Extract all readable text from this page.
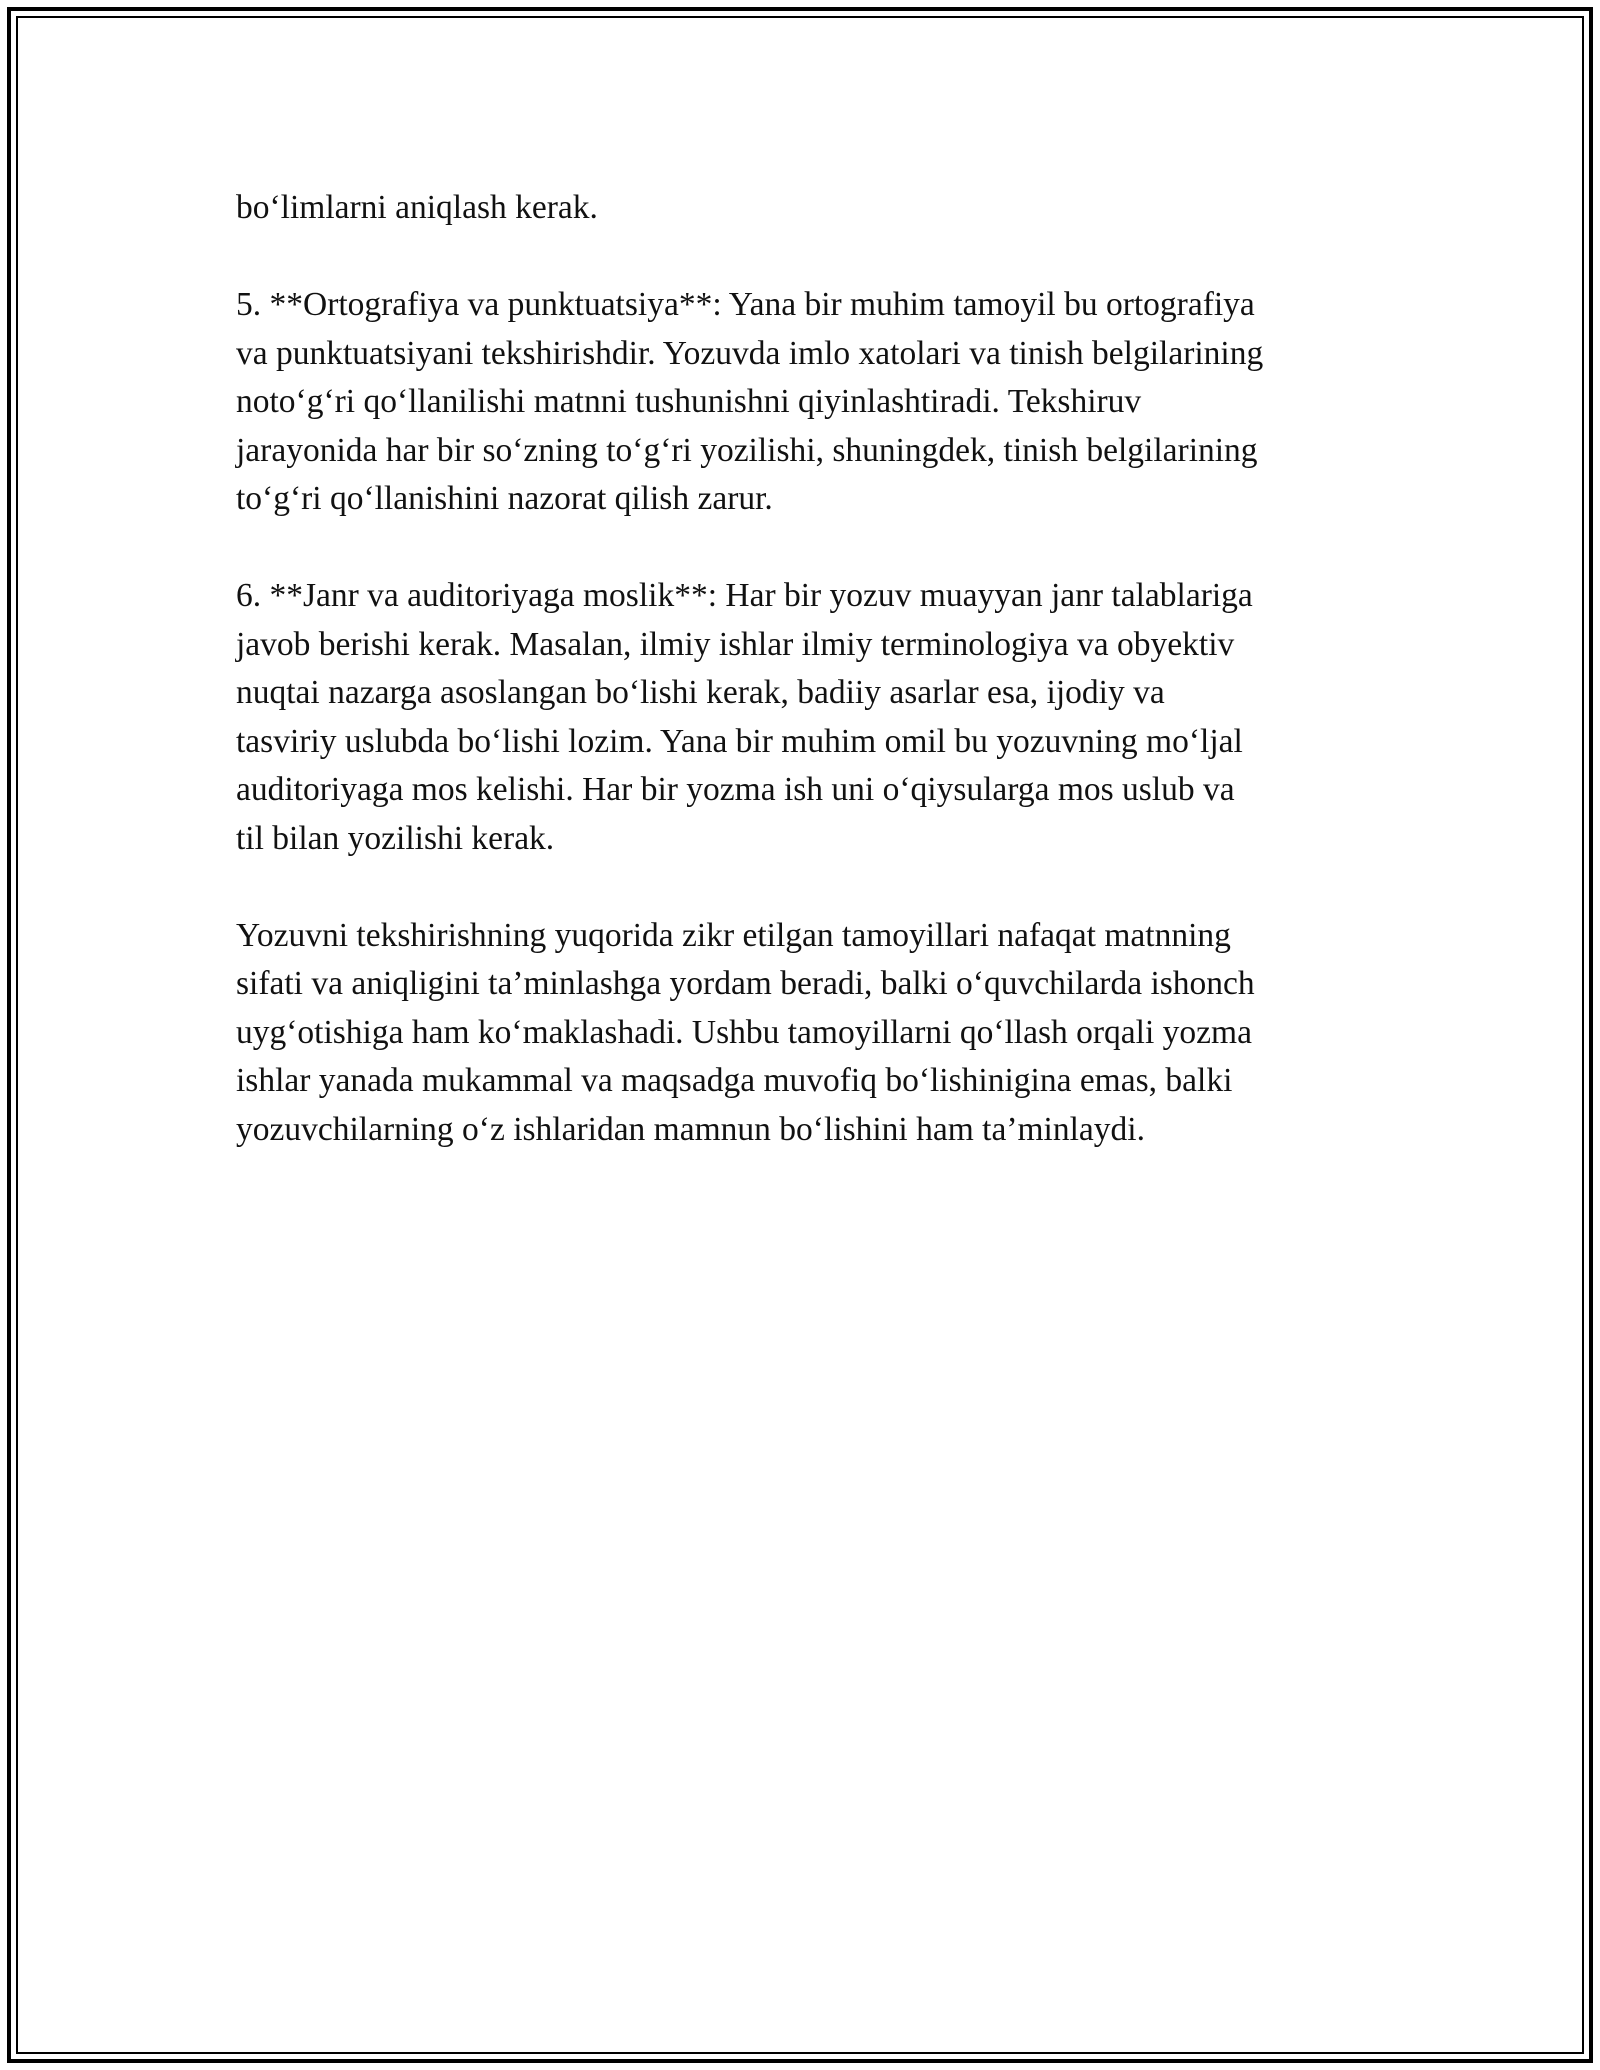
bo‘limlarni aniqlash kerak.

5. **Ortografiya va punktuatsiya**: Yana bir muhim tamoyil bu ortografiya
va punktuatsiyani tekshirishdir. Yozuvda imlo xatolari va tinish belgilarining
noto‘g‘ri qo‘llanilishi matnni tushunishni qiyinlashtiradi. Tekshiruv
jarayonida har bir so‘zning to‘g‘ri yozilishi, shuningdek, tinish belgilarining
to‘g‘ri qo‘llanishini nazorat qilish zarur.

6. **Janr va auditoriyaga moslik**: Har bir yozuv muayyan janr talablariga
javob berishi kerak. Masalan, ilmiy ishlar ilmiy terminologiya va obyektiv
nuqtai nazarga asoslangan bo‘lishi kerak, badiiy asarlar esa, ijodiy va
tasviriy uslubda bo‘lishi lozim. Yana bir muhim omil bu yozuvning mo‘ljal
auditoriyaga mos kelishi. Har bir yozma ish uni o‘qiysularga mos uslub va
til bilan yozilishi kerak.

Yozuvni tekshirishning yuqorida zikr etilgan tamoyillari nafaqat matnning
sifati va aniqligini ta’minlashga yordam beradi, balki o‘quvchilarda ishonch
uyg‘otishiga ham ko‘maklashadi. Ushbu tamoyillarni qo‘llash orqali yozma
ishlar yanada mukammal va maqsadga muvofiq bo‘lishinigina emas, balki
yozuvchilarning o‘z ishlaridan mamnun bo‘lishini ham ta’minlaydi.
